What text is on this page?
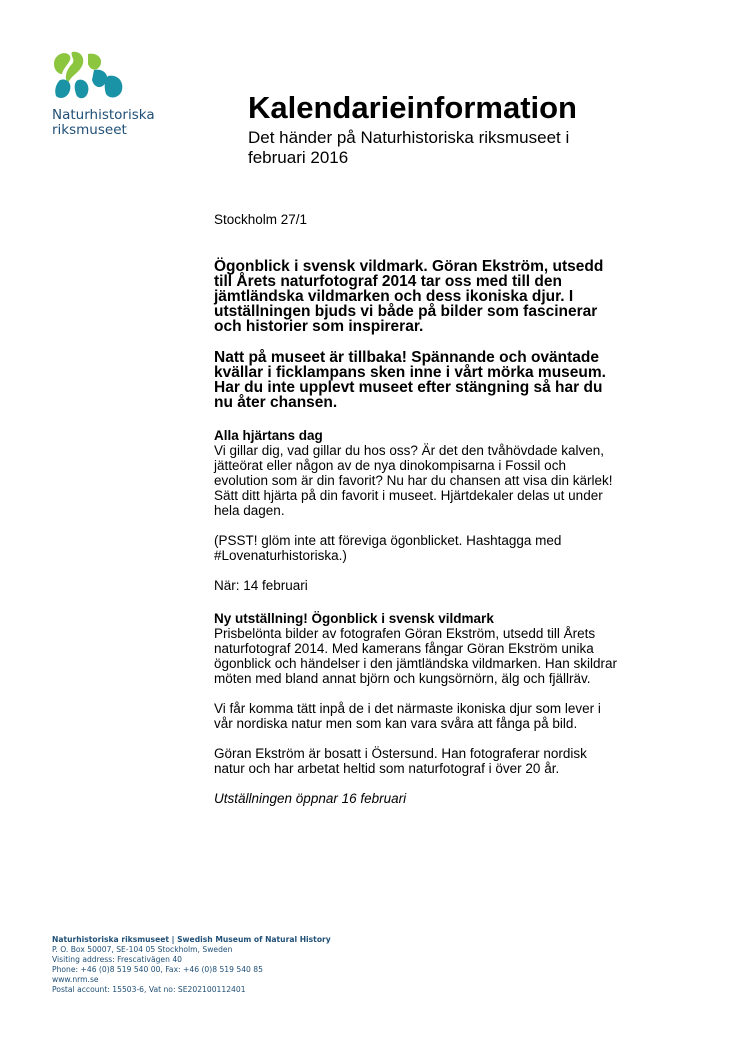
Naturhistoriska
riksmuseet
Kalendarieinformation
Det händer på Naturhistoriska riksmuseet i
februari 2016

Stockholm 27/1

Ögonblick i svensk vildmark. Göran Ekström, utsedd
till Årets naturfotograf 2014 tar oss med till den
jämtländska vildmarken och dess ikoniska djur. I
utställningen bjuds vi både på bilder som fascinerar
och historier som inspirerar.
Natt på museet är tillbaka! Spännande och oväntade
kvällar i ficklampans sken inne i vårt mörka museum.
Har du inte upplevt museet efter stängning så har du
nu åter chansen.
Alla hjärtans dag
Vi gillar dig, vad gillar du hos oss? Är det den tvåhövdade kalven,
jätteörat eller någon av de nya dinokompisarna i Fossil och
evolution som är din favorit? Nu har du chansen att visa din kärlek!
Sätt ditt hjärta på din favorit i museet. Hjärtdekaler delas ut under
hela dagen.
(PSST! glöm inte att föreviga ögonblicket. Hashtagga med
#Lovenaturhistoriska.)
När: 14 februari
Ny utställning! Ögonblick i svensk vildmark
Prisbelönta bilder av fotografen Göran Ekström, utsedd till Årets
naturfotograf 2014. Med kamerans fångar Göran Ekström unika
ögonblick och händelser i den jämtländska vildmarken. Han skildrar
möten med bland annat björn och kungsörnörn, älg och fjällräv.
Vi får komma tätt inpå de i det närmaste ikoniska djur som lever i
vår nordiska natur men som kan vara svåra att fånga på bild.
Göran Ekström är bosatt i Östersund. Han fotograferar nordisk
natur och har arbetat heltid som naturfotograf i över 20 år.
Utställningen öppnar 16 februari
Naturhistoriska riksmuseet | Swedish Museum of Natural History
P. O. Box 50007, SE-104 05 Stockholm, Sweden
Visiting address: Frescativägen 40
Phone: +46 (0)8 519 540 00, Fax: +46 (0)8 519 540 85
www.nrm.se
Postal account: 15503-6, Vat no: SE202100112401
